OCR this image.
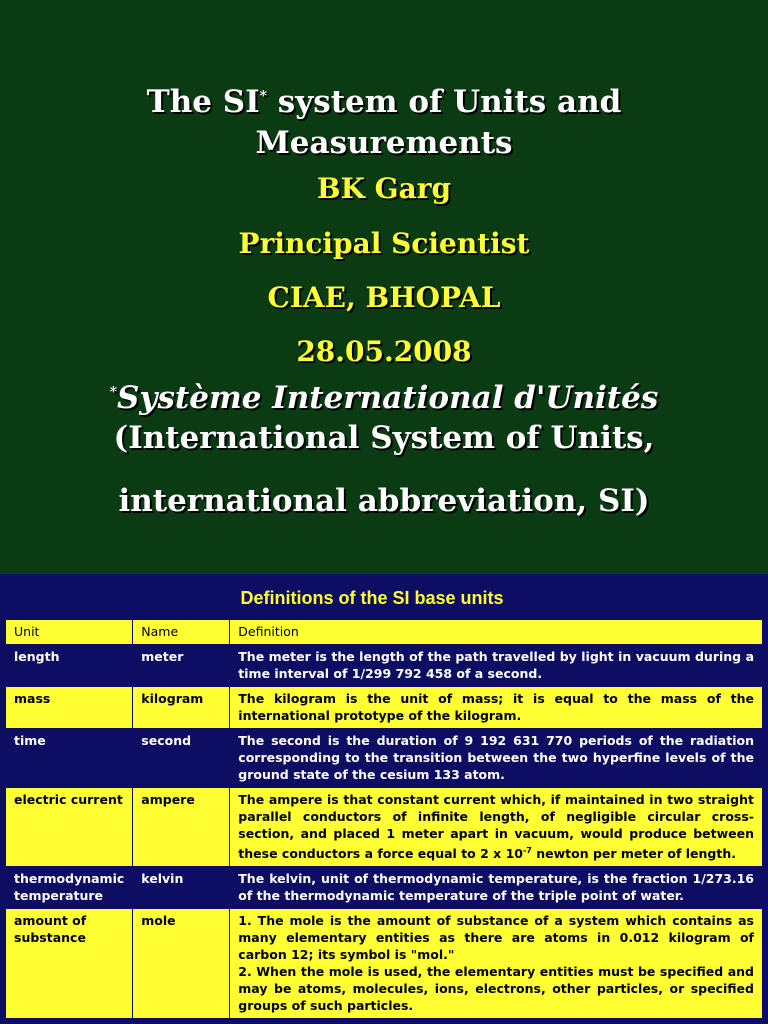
The SI* system of Units and
Measurements
BK Garg
Principal Scientist
CIAE, BHOPAL
28.05.2008
*Système International d'Unités
(International System of Units,
international abbreviation, SI)
Definitions of the SI base units
Unit	Name	Definition
length	meter	The meter is the length of the path travelled by light in vacuum during a time interval of 1/299 792 458 of a second.
mass	kilogram	The kilogram is the unit of mass; it is equal to the mass of the international prototype of the kilogram.
time	second	The second is the duration of 9 192 631 770 periods of the radiation corresponding to the transition between the two hyperfine levels of the ground state of the cesium 133 atom.
electric current	ampere	The ampere is that constant current which, if maintained in two straight parallel conductors of infinite length, of negligible circular cross-section, and placed 1 meter apart in vacuum, would produce between these conductors a force equal to 2 x $10^{-7}$ newton per meter of length.
thermodynamic temperature	kelvin	The kelvin, unit of thermodynamic temperature, is the fraction 1/273.16 of the thermodynamic temperature of the triple point of water.
amount of substance	mole	1. The mole is the amount of substance of a system which contains as many elementary entities as there are atoms in 0.012 kilogram of carbon 12; its symbol is "mol."
2. When the mole is used, the elementary entities must be specified and may be atoms, molecules, ions, electrons, other particles, or specified groups of such particles.
